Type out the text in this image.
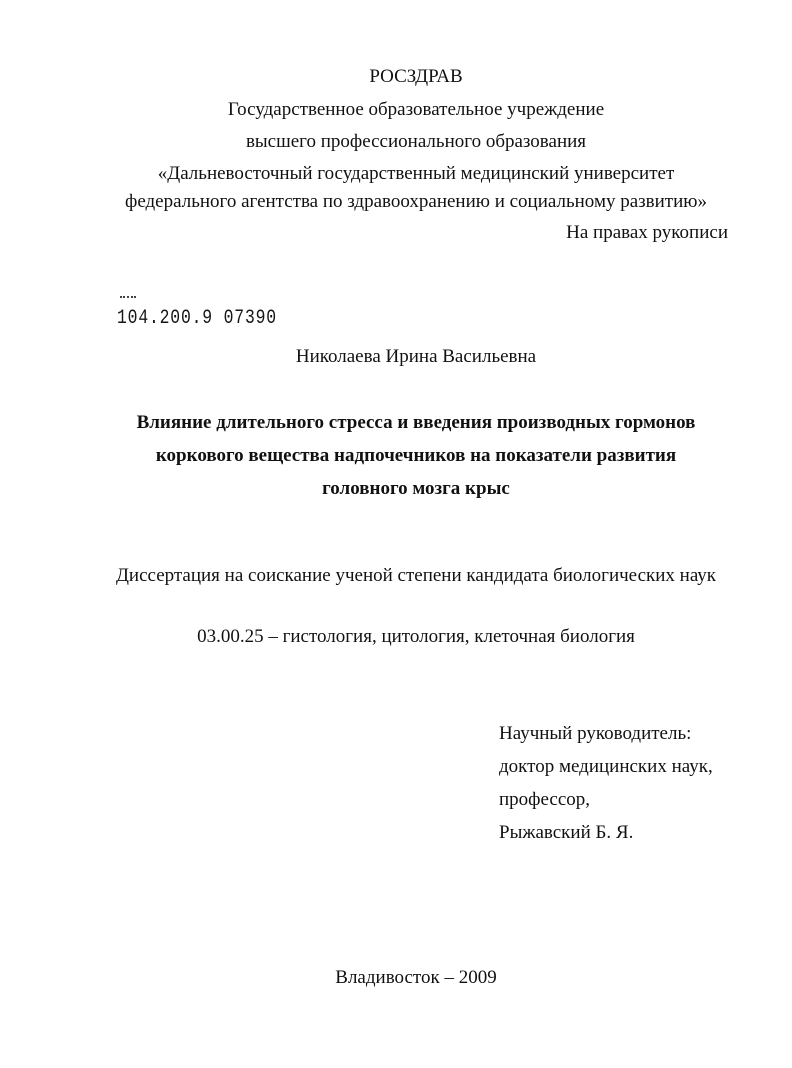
РОСЗДРАВ
Государственное образовательное учреждение
высшего профессионального образования
«Дальневосточный государственный медицинский университет
федерального агентства по здравоохранению и социальному развитию»
На правах рукописи
104.200.9 07390
Николаева Ирина Васильевна
Влияние длительного стресса и введения производных гормонов
коркового вещества надпочечников на показатели развития
головного мозга крыс
Диссертация на соискание ученой степени кандидата биологических наук
03.00.25 – гистология, цитология, клеточная биология
Научный руководитель:
доктор медицинских наук,
профессор,
Рыжавский Б. Я.
Владивосток – 2009
